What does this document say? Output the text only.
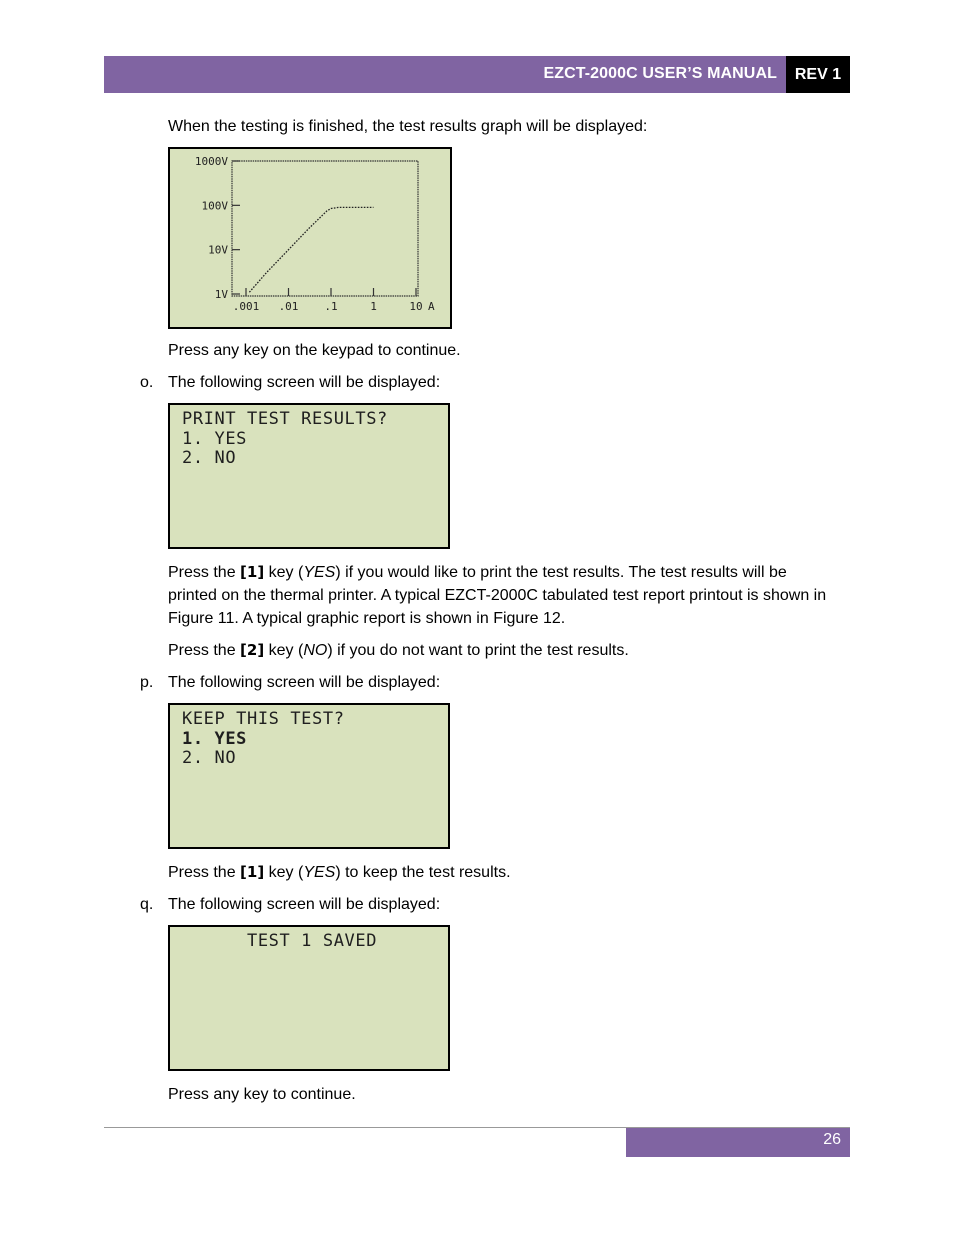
EZCT-2000C USER’S MANUAL	REV 1
When the testing is finished, the test results graph will be displayed:
1000V
100V
10V
1V
.001 .01 .1	1	10 A
Press any key on the keypad to continue.
o. The following screen will be displayed:
PRINT TEST RESULTS?
1. YES
2. NO
Press the [1] key (YES) if you would like to print the test results. The test results will be printed on the thermal printer. A typical EZCT-2000C tabulated test report printout is shown in Figure 11. A typical graphic report is shown in Figure 12.
Press the [2] key (NO) if you do not want to print the test results.
p. The following screen will be displayed:
KEEP THIS TEST?
1. YES
2. NO
Press the [1] key (YES) to keep the test results.
q. The following screen will be displayed:
TEST 1 SAVED
Press any key to continue.
26
